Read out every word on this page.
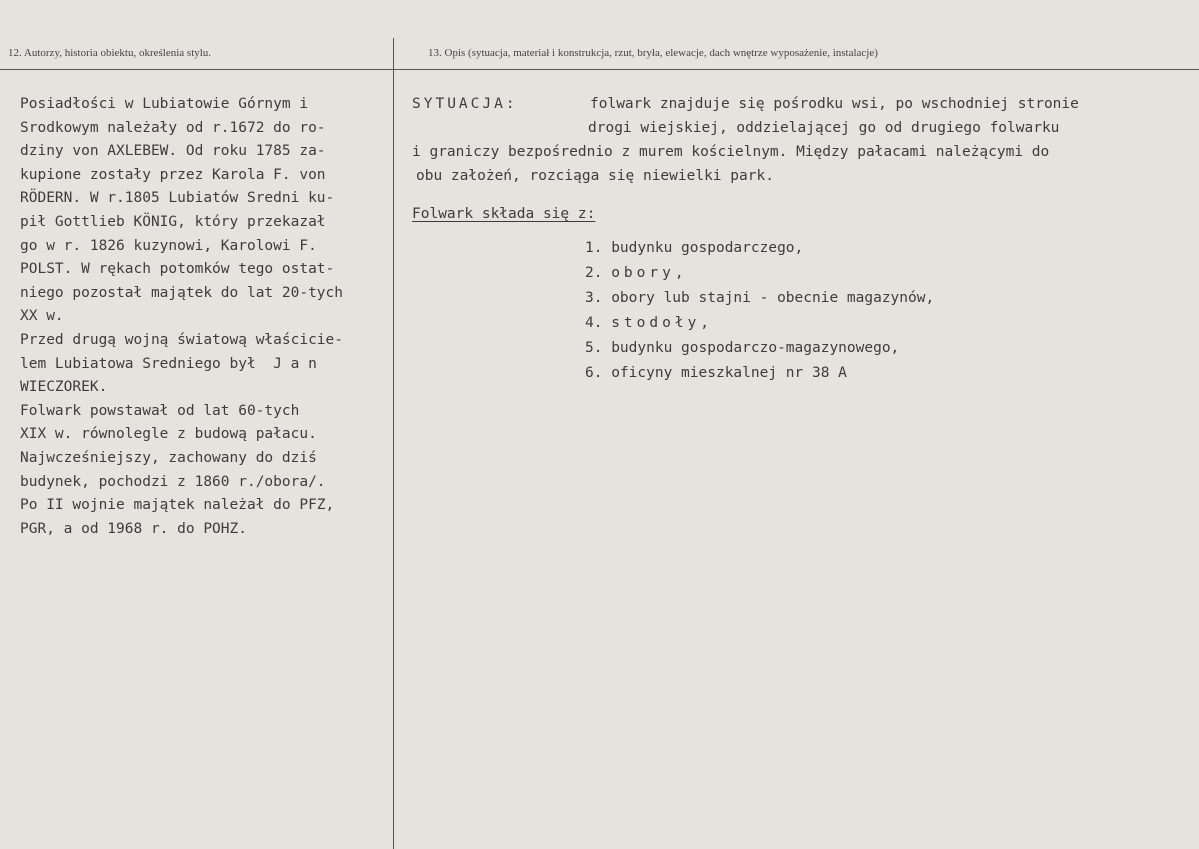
12. Autorzy, historia obiektu, określenia stylu.	13. Opis (sytuacja, materiał i konstrukcja, rzut, bryła, elewacje, dach wnętrze wyposażenie, instalacje)
Posiadłości w Lubiatowie Górnym i
Srodkowym należały od r.1672 do ro-
dziny von AXLEBEW. Od roku 1785 za-
kupione zostały przez Karola F. von
RÖDERN. W r.1805 Lubiatów Sredni ku-
pił Gottlieb KÖNIG, który przekazał
go w r. 1826 kuzynowi, Karolowi F.
POLST. W rękach potomków tego ostat-
niego pozostał majątek do lat 20-tych
XX w.
Przed drugą wojną światową właścicie-
lem Lubiatowa Sredniego był  J a n
WIECZOREK.
Folwark powstawał od lat 60-tych
XIX w. równolegle z budową pałacu.
Najwcześniejszy, zachowany do dziś
budynek, pochodzi z 1860 r./obora/.
Po II wojnie majątek należał do PFZ,
PGR, a od 1968 r. do POHZ.
SYTUACJA:	folwark znajduje się pośrodku wsi, po wschodniej stronie
drogi wiejskiej, oddzielającej go od drugiego folwarku
i graniczy bezpośrednio z murem kościelnym. Między pałacami należącymi do
obu założeń, rozciąga się niewielki park.
Folwark składa się z:
1. budynku gospodarczego,
2. obory,
3. obory lub stajni - obecnie magazynów,
4. stodoły,
5. budynku gospodarczo-magazynowego,
6. oficyny mieszkalnej nr 38 A
